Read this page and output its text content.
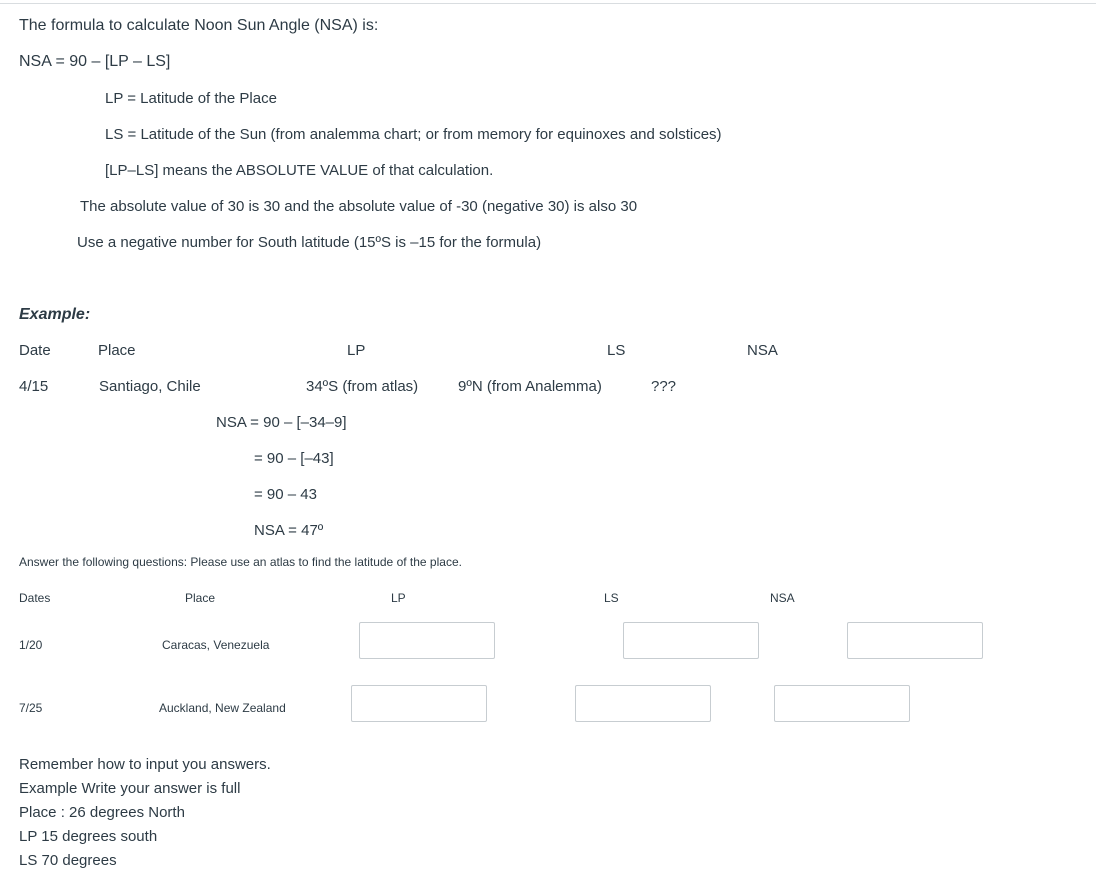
The formula to calculate Noon Sun Angle (NSA) is:
NSA = 90 – [LP – LS]
LP = Latitude of the Place
LS = Latitude of the Sun (from analemma chart; or from memory for equinoxes and solstices)
[LP–LS] means the ABSOLUTE VALUE of that calculation.
The absolute value of 30 is 30 and the absolute value of -30 (negative 30) is also 30
Use a negative number for South latitude (15ºS is –15 for the formula)
Example:
Date	Place	LP	LS	NSA
4/15	Santiago, Chile	34ºS (from atlas)	9ºN (from Analemma)	???
NSA = 90 – [–34–9]
= 90 – [–43]
= 90 – 43
NSA = 47º
Answer the following questions: Please use an atlas to find the latitude of the place.
Dates	Place	LP	LS	NSA
1/20	Caracas, Venezuela
7/25	Auckland, New Zealand
Remember how to input you answers.
Example Write your answer is full
Place : 26 degrees North
LP 15 degrees south
LS 70 degrees
